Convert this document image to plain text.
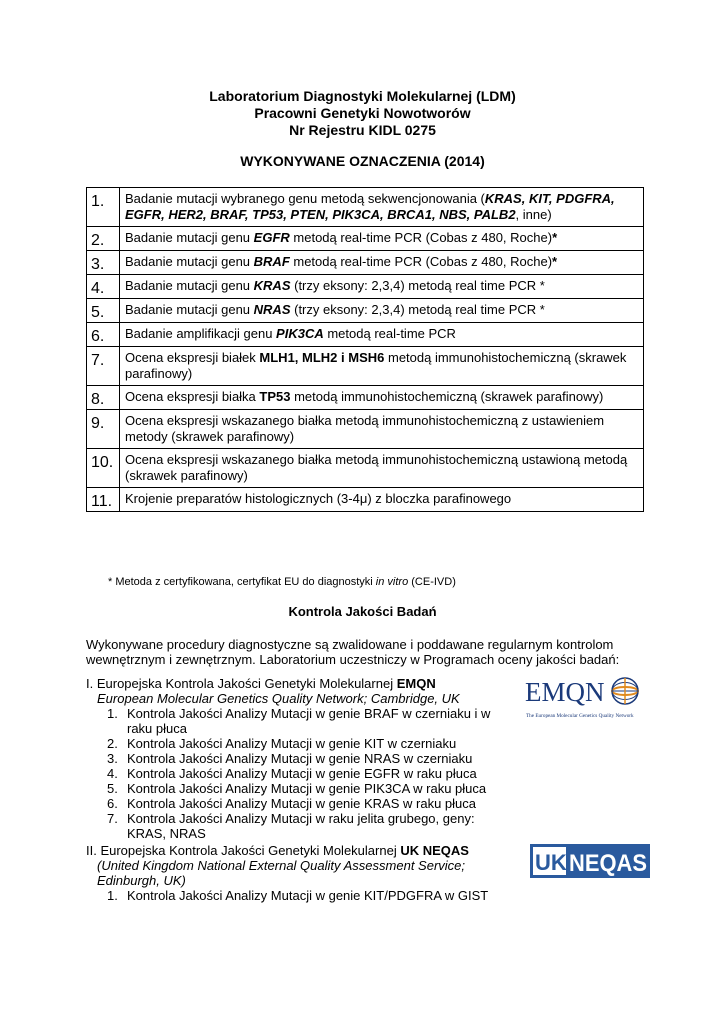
Laboratorium Diagnostyki Molekularnej (LDM)
Pracowni Genetyki Nowotworów
Nr Rejestru KIDL 0275
WYKONYWANE OZNACZENIA (2014)
1.	Badanie mutacji wybranego genu metodą sekwencjonowania (KRAS, KIT, PDGFRA, EGFR, HER2, BRAF, TP53, PTEN, PIK3CA, BRCA1, NBS, PALB2, inne)
2.	Badanie mutacji genu EGFR metodą real-time PCR (Cobas z 480, Roche)*
3.	Badanie mutacji genu BRAF metodą real-time PCR (Cobas z 480, Roche)*
4.	Badanie mutacji genu KRAS (trzy eksony: 2,3,4) metodą real time PCR *
5.	Badanie mutacji genu NRAS (trzy eksony: 2,3,4) metodą real time PCR *
6.	Badanie amplifikacji genu PIK3CA metodą real-time PCR
7.	Ocena ekspresji białek MLH1, MLH2 i MSH6 metodą immunohistochemiczną (skrawek parafinowy)
8.	Ocena ekspresji białka TP53 metodą immunohistochemiczną (skrawek parafinowy)
9.	Ocena ekspresji wskazanego białka metodą immunohistochemiczną z ustawieniem metody (skrawek parafinowy)
10.	Ocena ekspresji wskazanego białka metodą immunohistochemiczną ustawioną metodą (skrawek parafinowy)
11.	Krojenie preparatów histologicznych (3-4μ) z bloczka parafinowego
* Metoda z certyfikowana, certyfikat EU do diagnostyki in vitro (CE-IVD)
Kontrola Jakości Badań
Wykonywane procedury diagnostyczne są zwalidowane i poddawane regularnym kontrolom wewnętrznym i zewnętrznym. Laboratorium uczestniczy w Programach oceny jakości badań:
I. Europejska Kontrola Jakości Genetyki Molekularnej EMQN
European Molecular Genetics Quality Network; Cambridge, UK
1. Kontrola Jakości Analizy Mutacji w genie BRAF w czerniaku i w raku płuca
2. Kontrola Jakości Analizy Mutacji w genie KIT w czerniaku
3. Kontrola Jakości Analizy Mutacji w genie NRAS w czerniaku
4. Kontrola Jakości Analizy Mutacji w genie EGFR w raku płuca
5. Kontrola Jakości Analizy Mutacji w genie PIK3CA w raku płuca
6. Kontrola Jakości Analizy Mutacji w genie KRAS w raku płuca
7. Kontrola Jakości Analizy Mutacji w raku jelita grubego, geny: KRAS, NRAS
II. Europejska Kontrola Jakości Genetyki Molekularnej UK NEQAS
(United Kingdom National External Quality Assessment Service; Edinburgh, UK)
1. Kontrola Jakości Analizy Mutacji w genie KIT/PDGFRA w GIST
EMQN
The European Molecular Genetics Quality Network
UK NEQAS
